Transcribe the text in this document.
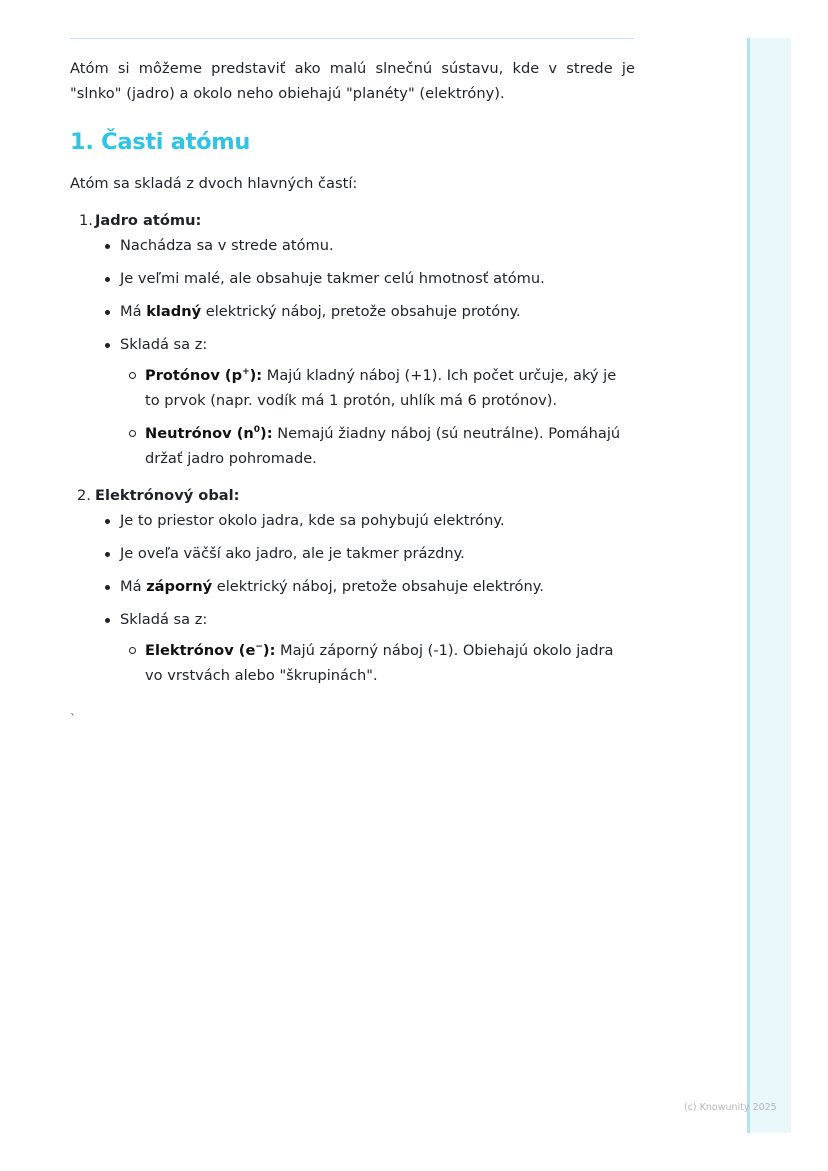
Atóm si môžeme predstaviť ako malú slnečnú sústavu, kde v strede je "slnko" (jadro) a okolo neho obiehajú "planéty" (elektróny).

1. Časti atómu

Atóm sa skladá z dvoch hlavných častí:

1. Jadro atómu:
Nachádza sa v strede atómu.
Je veľmi malé, ale obsahuje takmer celú hmotnosť atómu.
Má kladný elektrický náboj, pretože obsahuje protóny.
Skladá sa z:
Protónov (p+): Majú kladný náboj (+1). Ich počet určuje, aký je to prvok (napr. vodík má 1 protón, uhlík má 6 protónov).
Neutrónov $(n^0)$: Nemajú žiadny náboj (sú neutrálne). Pomáhajú držať jadro pohromade.
2. Elektrónový obal:
Je to priestor okolo jadra, kde sa pohybujú elektróny.
Je oveľa väčší ako jadro, ale je takmer prázdny.
Má záporný elektrický náboj, pretože obsahuje elektróny.
Skladá sa z:
Elektrónov (e−): Majú záporný náboj (-1). Obiehajú okolo jadra vo vrstvách alebo "škrupinách".
`
(c) Knowunity 2025
